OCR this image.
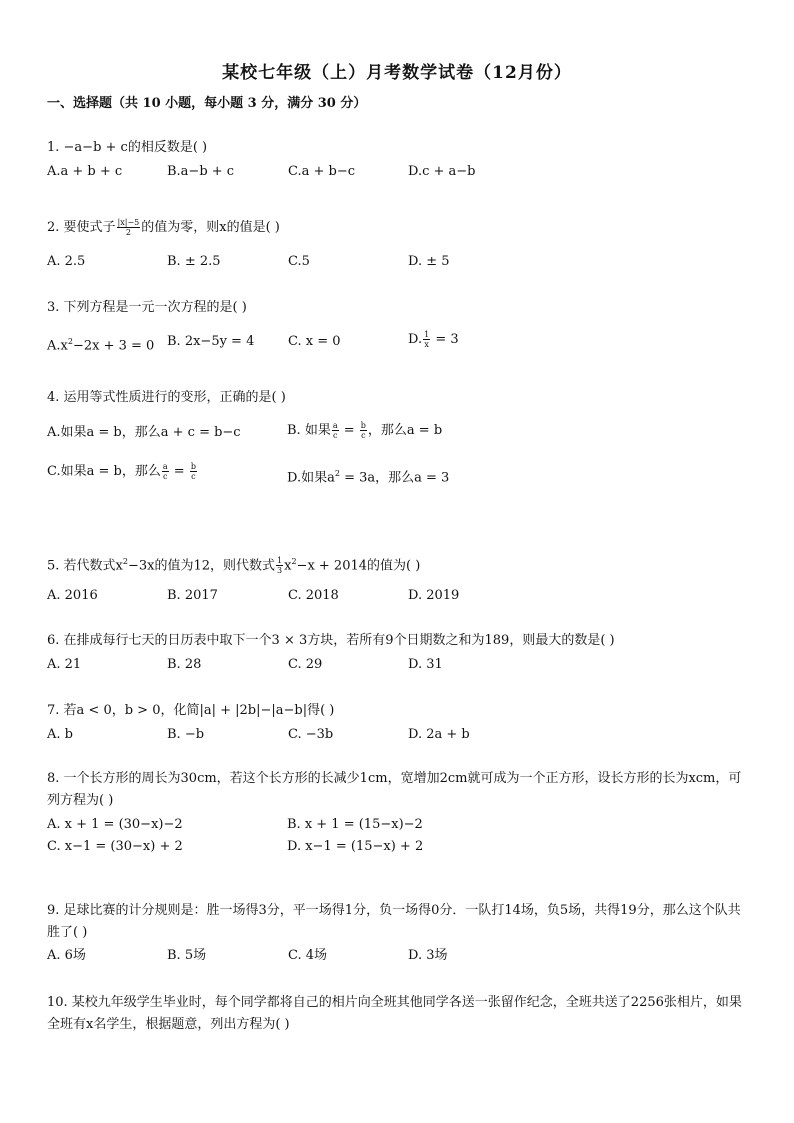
某校七年级（上）月考数学试卷（12月份）
一、选择题（共 10 小题，每小题 3 分，满分 30 分）
1. −a−b + c的相反数是( )
A.a + b + c	B.a−b + c	C.a + b−c	D.c + a−b
2. 要使式子 $\frac{|x|-5}{2}$ 的值为零，则x的值是( )
A. 2.5	B. ± 2.5	C.5	D. ± 5
3. 下列方程是一元一次方程的是( )
$A.x^2-2x + 3 = 0$ B. 2x−5y = 4	C. x = 0	D. $\frac{1}{x} = 3$
4. 运用等式性质进行的变形，正确的是( )
A.如果a = b，那么a + c = b−c	B. 如果 $\frac{a}{c} = \frac{b}{c}$ ，那么a = b
C.如果a = b，那么 $\frac{a}{c} = \frac{b}{c}$	D.如果$a^2 = 3a$，那么a = 3
5. 若代数式$x^2-3x$的值为12，则代数式 $\frac{1}{3} x^2-x + 2014$的值为( )
A. 2016	B. 2017	C. 2018	D. 2019
6. 在排成每行七天的日历表中取下一个3 × 3方块，若所有9个日期数之和为189，则最大的数是( )
A. 21	B. 28	C. 29	D. 31
7. 若a < 0，b > 0，化简|a| + |2b|−|a−b|得( )
A. b	B. −b	C. −3b	D. 2a + b
8. 一个长方形的周长为30cm，若这个长方形的长减少1cm，宽增加2cm就可成为一个正方形，设长方形的长为xcm，可列方程为( )
A. x + 1 = (30−x)−2	B. x + 1 = (15−x)−2
C. x−1 = (30−x) + 2	D. x−1 = (15−x) + 2
9. 足球比赛的计分规则是：胜一场得3分，平一场得1分，负一场得0分．一队打14场，负5场，共得19分，那么这个队共胜了( )
A. 6场	B. 5场	C. 4场	D. 3场
10. 某校九年级学生毕业时，每个同学都将自己的相片向全班其他同学各送一张留作纪念，全班共送了2256张相片，如果全班有x名学生，根据题意，列出方程为( )
